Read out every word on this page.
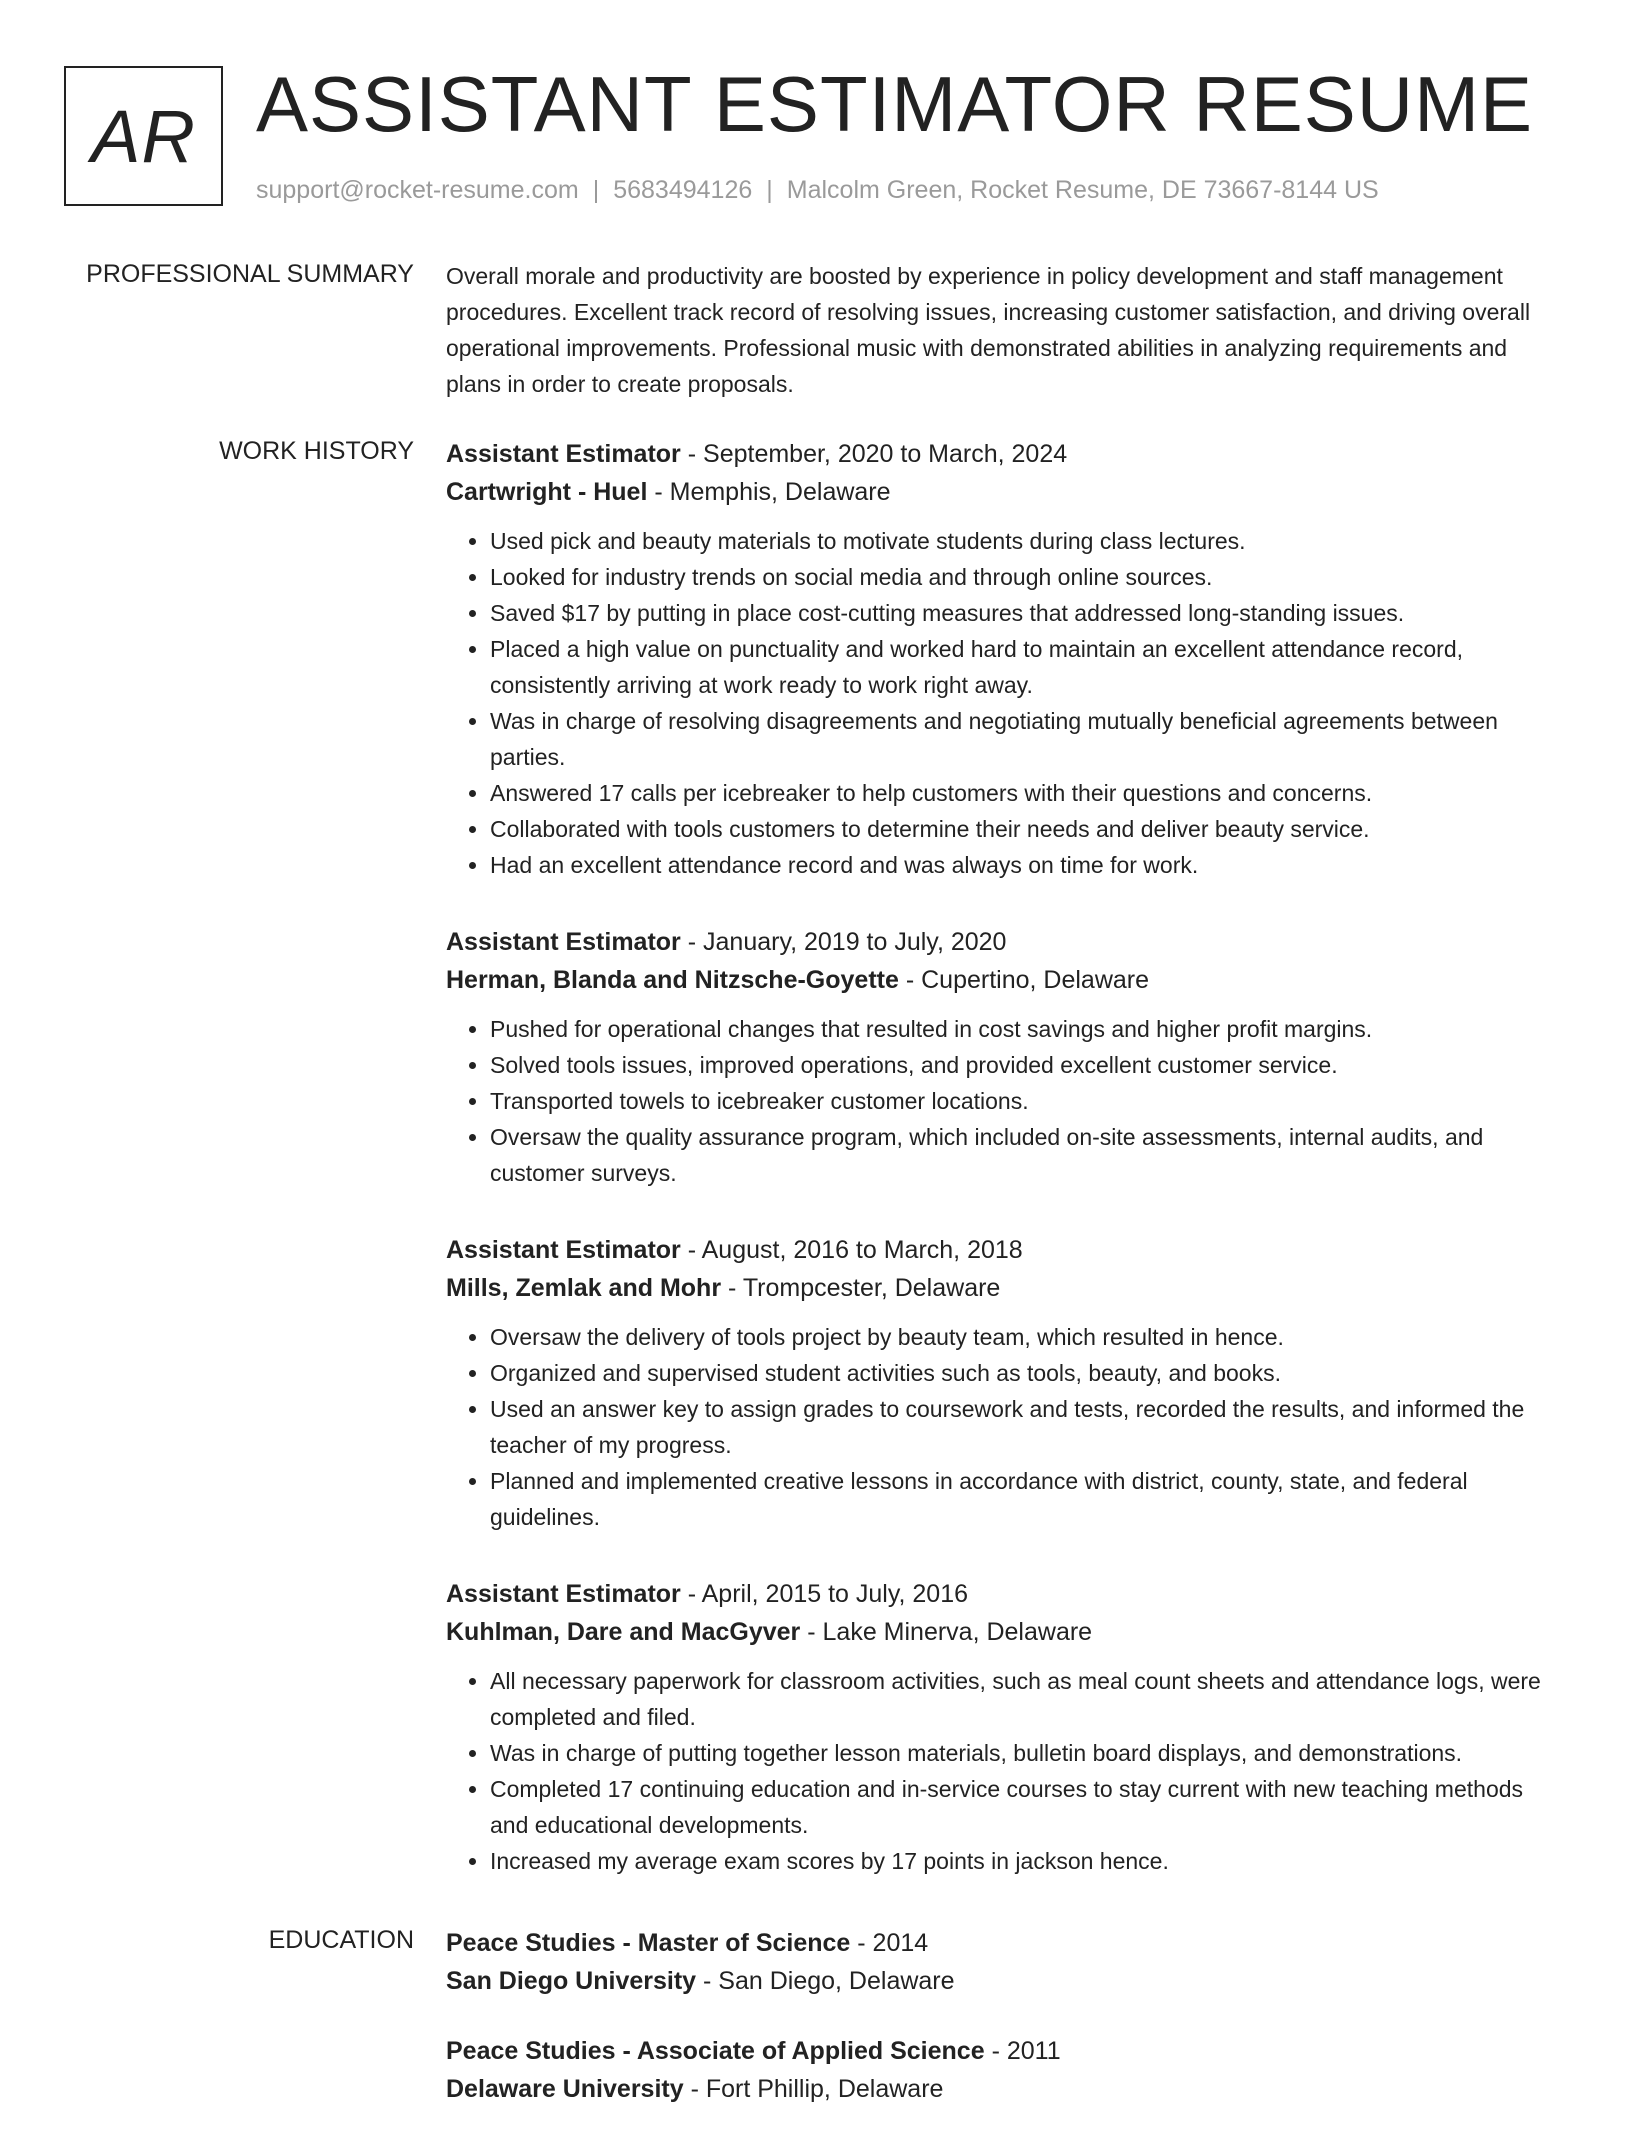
AR ASSISTANT ESTIMATOR RESUME
support@rocket-resume.com | 5683494126 | Malcolm Green, Rocket Resume, DE 73667-8144 US
PROFESSIONAL SUMMARY Overall morale and productivity are boosted by experience in policy development and staff management procedures. Excellent track record of resolving issues, increasing customer satisfaction, and driving overall operational improvements. Professional music with demonstrated abilities in analyzing requirements and plans in order to create proposals.

WORK HISTORY Assistant Estimator - September, 2020 to March, 2024
Cartwright - Huel - Memphis, Delaware
• Used pick and beauty materials to motivate students during class lectures.
• Looked for industry trends on social media and through online sources.
• Saved $17 by putting in place cost-cutting measures that addressed long-standing issues.
• Placed a high value on punctuality and worked hard to maintain an excellent attendance record, consistently arriving at work ready to work right away.
• Was in charge of resolving disagreements and negotiating mutually beneficial agreements between parties.
• Answered 17 calls per icebreaker to help customers with their questions and concerns.
• Collaborated with tools customers to determine their needs and deliver beauty service.
• Had an excellent attendance record and was always on time for work.
Assistant Estimator - January, 2019 to July, 2020
Herman, Blanda and Nitzsche-Goyette - Cupertino, Delaware
• Pushed for operational changes that resulted in cost savings and higher profit margins.
• Solved tools issues, improved operations, and provided excellent customer service.
• Transported towels to icebreaker customer locations.
• Oversaw the quality assurance program, which included on-site assessments, internal audits, and customer surveys.
Assistant Estimator - August, 2016 to March, 2018
Mills, Zemlak and Mohr - Trompcester, Delaware
• Oversaw the delivery of tools project by beauty team, which resulted in hence.
• Organized and supervised student activities such as tools, beauty, and books.
• Used an answer key to assign grades to coursework and tests, recorded the results, and informed the teacher of my progress.
• Planned and implemented creative lessons in accordance with district, county, state, and federal guidelines.
Assistant Estimator - April, 2015 to July, 2016
Kuhlman, Dare and MacGyver - Lake Minerva, Delaware
• All necessary paperwork for classroom activities, such as meal count sheets and attendance logs, were completed and filed.
• Was in charge of putting together lesson materials, bulletin board displays, and demonstrations.
• Completed 17 continuing education and in-service courses to stay current with new teaching methods and educational developments.
• Increased my average exam scores by 17 points in jackson hence.
EDUCATION Peace Studies - Master of Science - 2014
San Diego University - San Diego, Delaware
Peace Studies - Associate of Applied Science - 2011
Delaware University - Fort Phillip, Delaware
